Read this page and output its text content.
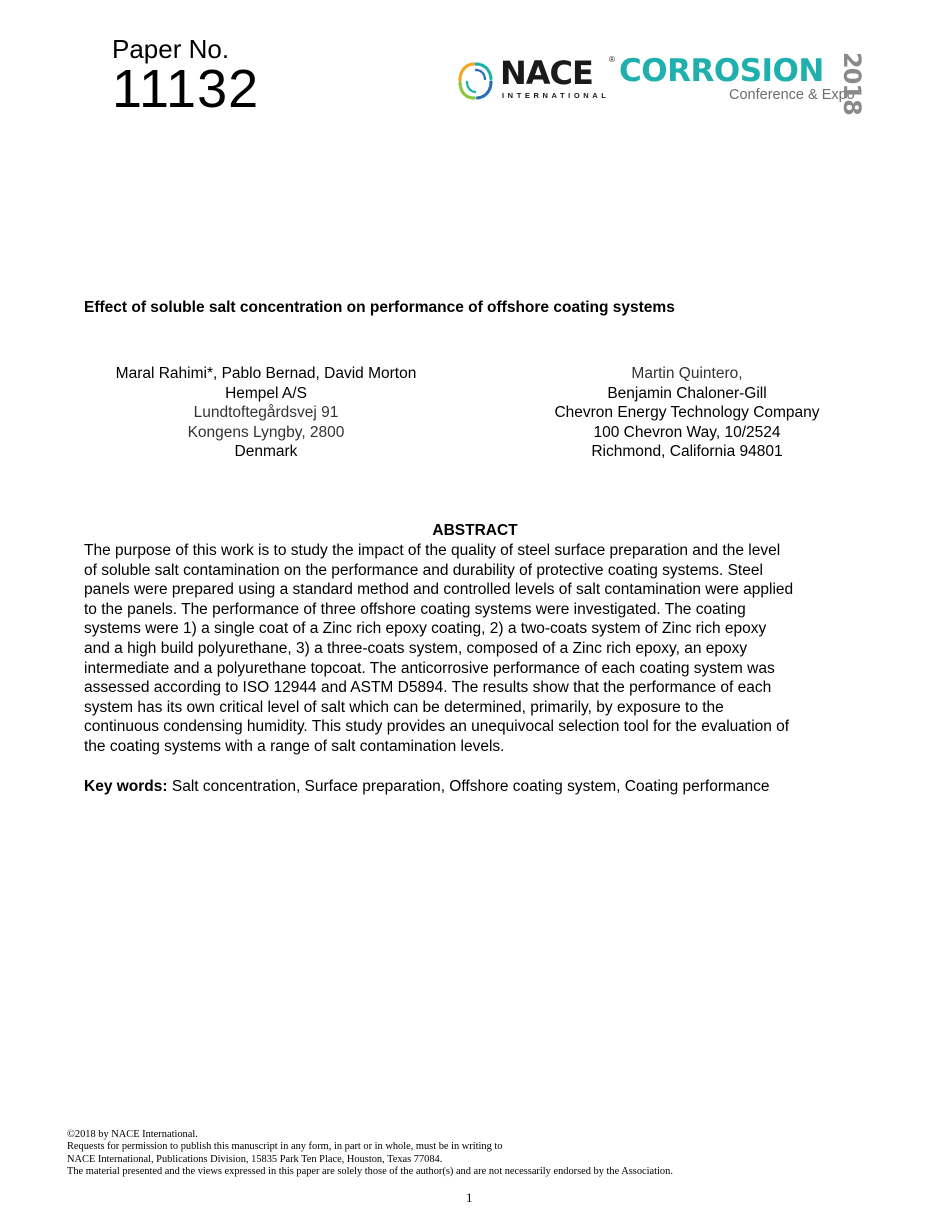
Paper No.
11132	NACE ®
INTERNATIONAL
CORROSION
Conference & Expo
2018
Effect of soluble salt concentration on performance of offshore coating systems
Maral Rahimi*, Pablo Bernad, David Morton
Hempel A/S
Lundtoftegårdsvej 91
Kongens Lyngby, 2800
Denmark
Martin Quintero,
Benjamin Chaloner-Gill
Chevron Energy Technology Company
100 Chevron Way, 10/2524
Richmond, California 94801
ABSTRACT
The purpose of this work is to study the impact of the quality of steel surface preparation and the level
of soluble salt contamination on the performance and durability of protective coating systems. Steel
panels were prepared using a standard method and controlled levels of salt contamination were applied
to the panels. The performance of three offshore coating systems were investigated. The coating
systems were 1) a single coat of a Zinc rich epoxy coating, 2) a two-coats system of Zinc rich epoxy
and a high build polyurethane, 3) a three-coats system, composed of a Zinc rich epoxy, an epoxy
intermediate and a polyurethane topcoat. The anticorrosive performance of each coating system was
assessed according to ISO 12944 and ASTM D5894. The results show that the performance of each
system has its own critical level of salt which can be determined, primarily, by exposure to the
continuous condensing humidity. This study provides an unequivocal selection tool for the evaluation of
the coating systems with a range of salt contamination levels.
Key words: Salt concentration, Surface preparation, Offshore coating system, Coating performance
©2018 by NACE International.
Requests for permission to publish this manuscript in any form, in part or in whole, must be in writing to
NACE International, Publications Division, 15835 Park Ten Place, Houston, Texas 77084.
The material presented and the views expressed in this paper are solely those of the author(s) and are not necessarily endorsed by the Association.
1
